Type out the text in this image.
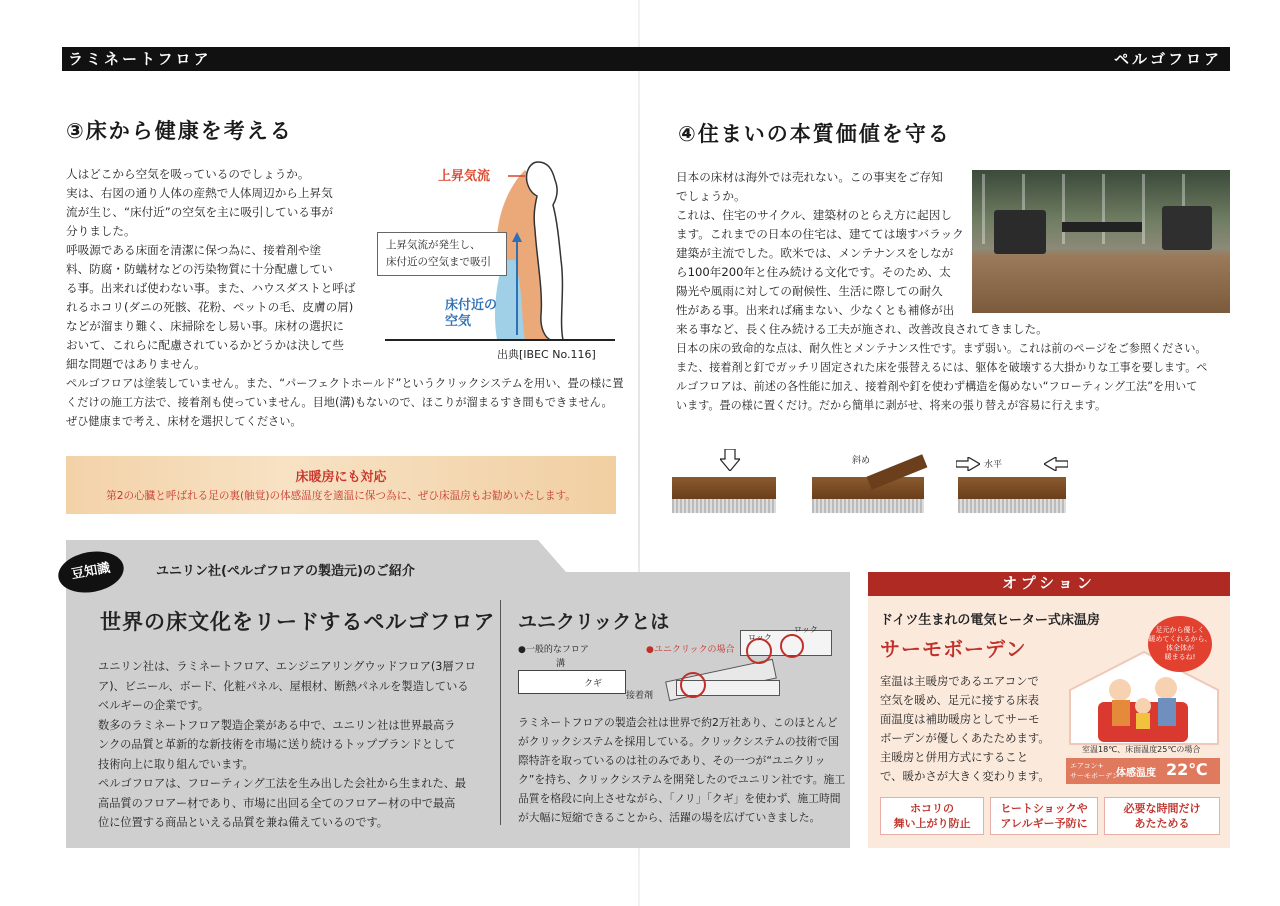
ラミネートフロア	ペルゴフロア
③床から健康を考える
人はどこから空気を吸っているのでしょうか。
実は、右図の通り人体の産熱で人体周辺から上昇気
流が生じ、“床付近”の空気を主に吸引している事が
分りました。
呼吸源である床面を清潔に保つ為に、接着剤や塗
料、防腐・防蟻材などの汚染物質に十分配慮してい
る事。出来れば使わない事。また、ハウスダストと呼ば
れるホコリ(ダニの死骸、花粉、ペットの毛、皮膚の屑)
などが溜まり難く、床掃除をし易い事。床材の選択に
おいて、これらに配慮されているかどうかは決して些
細な問題ではありません。
ペルゴフロアは塗装していません。また、“パーフェクトホールド”というクリックシステムを用い、畳の様に置
くだけの施工方法で、接着剤も使っていません。目地(溝)もないので、ほこりが溜まるすき間もできません。
ぜひ健康まで考え、床材を選択してください。
上昇気流
上昇気流が発生し、
床付近の空気まで吸引
床付近の
空気
出典[IBEC No.116]
床暖房にも対応
第2の心臓と呼ばれる足の裏(触覚)の体感温度を適温に保つ為に、ぜひ床温房もお勧めいたします。
④住まいの本質価値を守る
日本の床材は海外では売れない。この事実をご存知
でしょうか。
これは、住宅のサイクル、建築材のとらえ方に起因し
ます。これまでの日本の住宅は、建てては壊すバラック
建築が主流でした。欧米では、メンテナンスをしなが
ら100年200年と住み続ける文化です。そのため、太
陽光や風雨に対しての耐候性、生活に際しての耐久
性がある事。出来れば痛まない、少なくとも補修が出
来る事など、長く住み続ける工夫が施され、改善改良されてきました。
日本の床の致命的な点は、耐久性とメンテナンス性です。まず弱い。これは前のページをご参照ください。
また、接着剤と釘でガッチリ固定された床を張替えるには、躯体を破壊する大掛かりな工事を要します。ペ
ルゴフロアは、前述の各性能に加え、接着剤や釘を使わず構造を傷めない“フローティング工法”を用いて
います。畳の様に置くだけ。だから簡単に剥がせ、将来の張り替えが容易に行えます。
斜め	水平
豆知識	ユニリン社(ペルゴフロアの製造元)のご紹介
世界の床文化をリードするペルゴフロア
ユニリン社は、ラミネートフロア、エンジニアリングウッドフロア(3層フロ
ア)、ビニール、ボード、化粧パネル、屋根材、断熱パネルを製造している
ベルギーの企業です。
数多のラミネートフロア製造企業がある中で、ユニリン社は世界最高ラ
ンクの品質と革新的な新技術を市場に送り続けるトップブランドとして
技術向上に取り組んでいます。
ペルゴフロアは、フローティング工法を生み出した会社から生まれた、最
高品質のフロアー材であり、市場に出回る全てのフロアー材の中で最高
位に位置する商品といえる品質を兼ね備えているのです。
ユニクリックとは
●一般的なフロア	●ユニクリックの場合
溝
クギ
接着剤
ロック
ロック
ラミネートフロアの製造会社は世界で約2万社あり、このほとんど
がクリックシステムを採用している。クリックシステムの技術で国
際特許を取っているのは社のみであり、その一つが“ユニクリッ
ク”を持ち、クリックシステムを開発したのでユニリン社です。施工
品質を格段に向上させながら、「ノリ」「クギ」を使わず、施工時間
が大幅に短縮できることから、活躍の場を広げていきました。
オプション
ドイツ生まれの電気ヒーター式床温房
サーモボーデン
室温は主暖房であるエアコンで
空気を暖め、足元に接する床表
面温度は補助暖房としてサーモ
ボーデンが優しくあたためます。
主暖房と併用方式にすること
で、暖かさが大きく変わります。
足元から優しく
暖めてくれるから、
体全体が
暖まるね!
室温18℃、床面温度25℃の場合
エアコン+
サーモボーデン
体感温度 22℃
ホコリの
舞い上がり防止
ヒートショックや
アレルギー予防に
必要な時間だけ
あたためる
